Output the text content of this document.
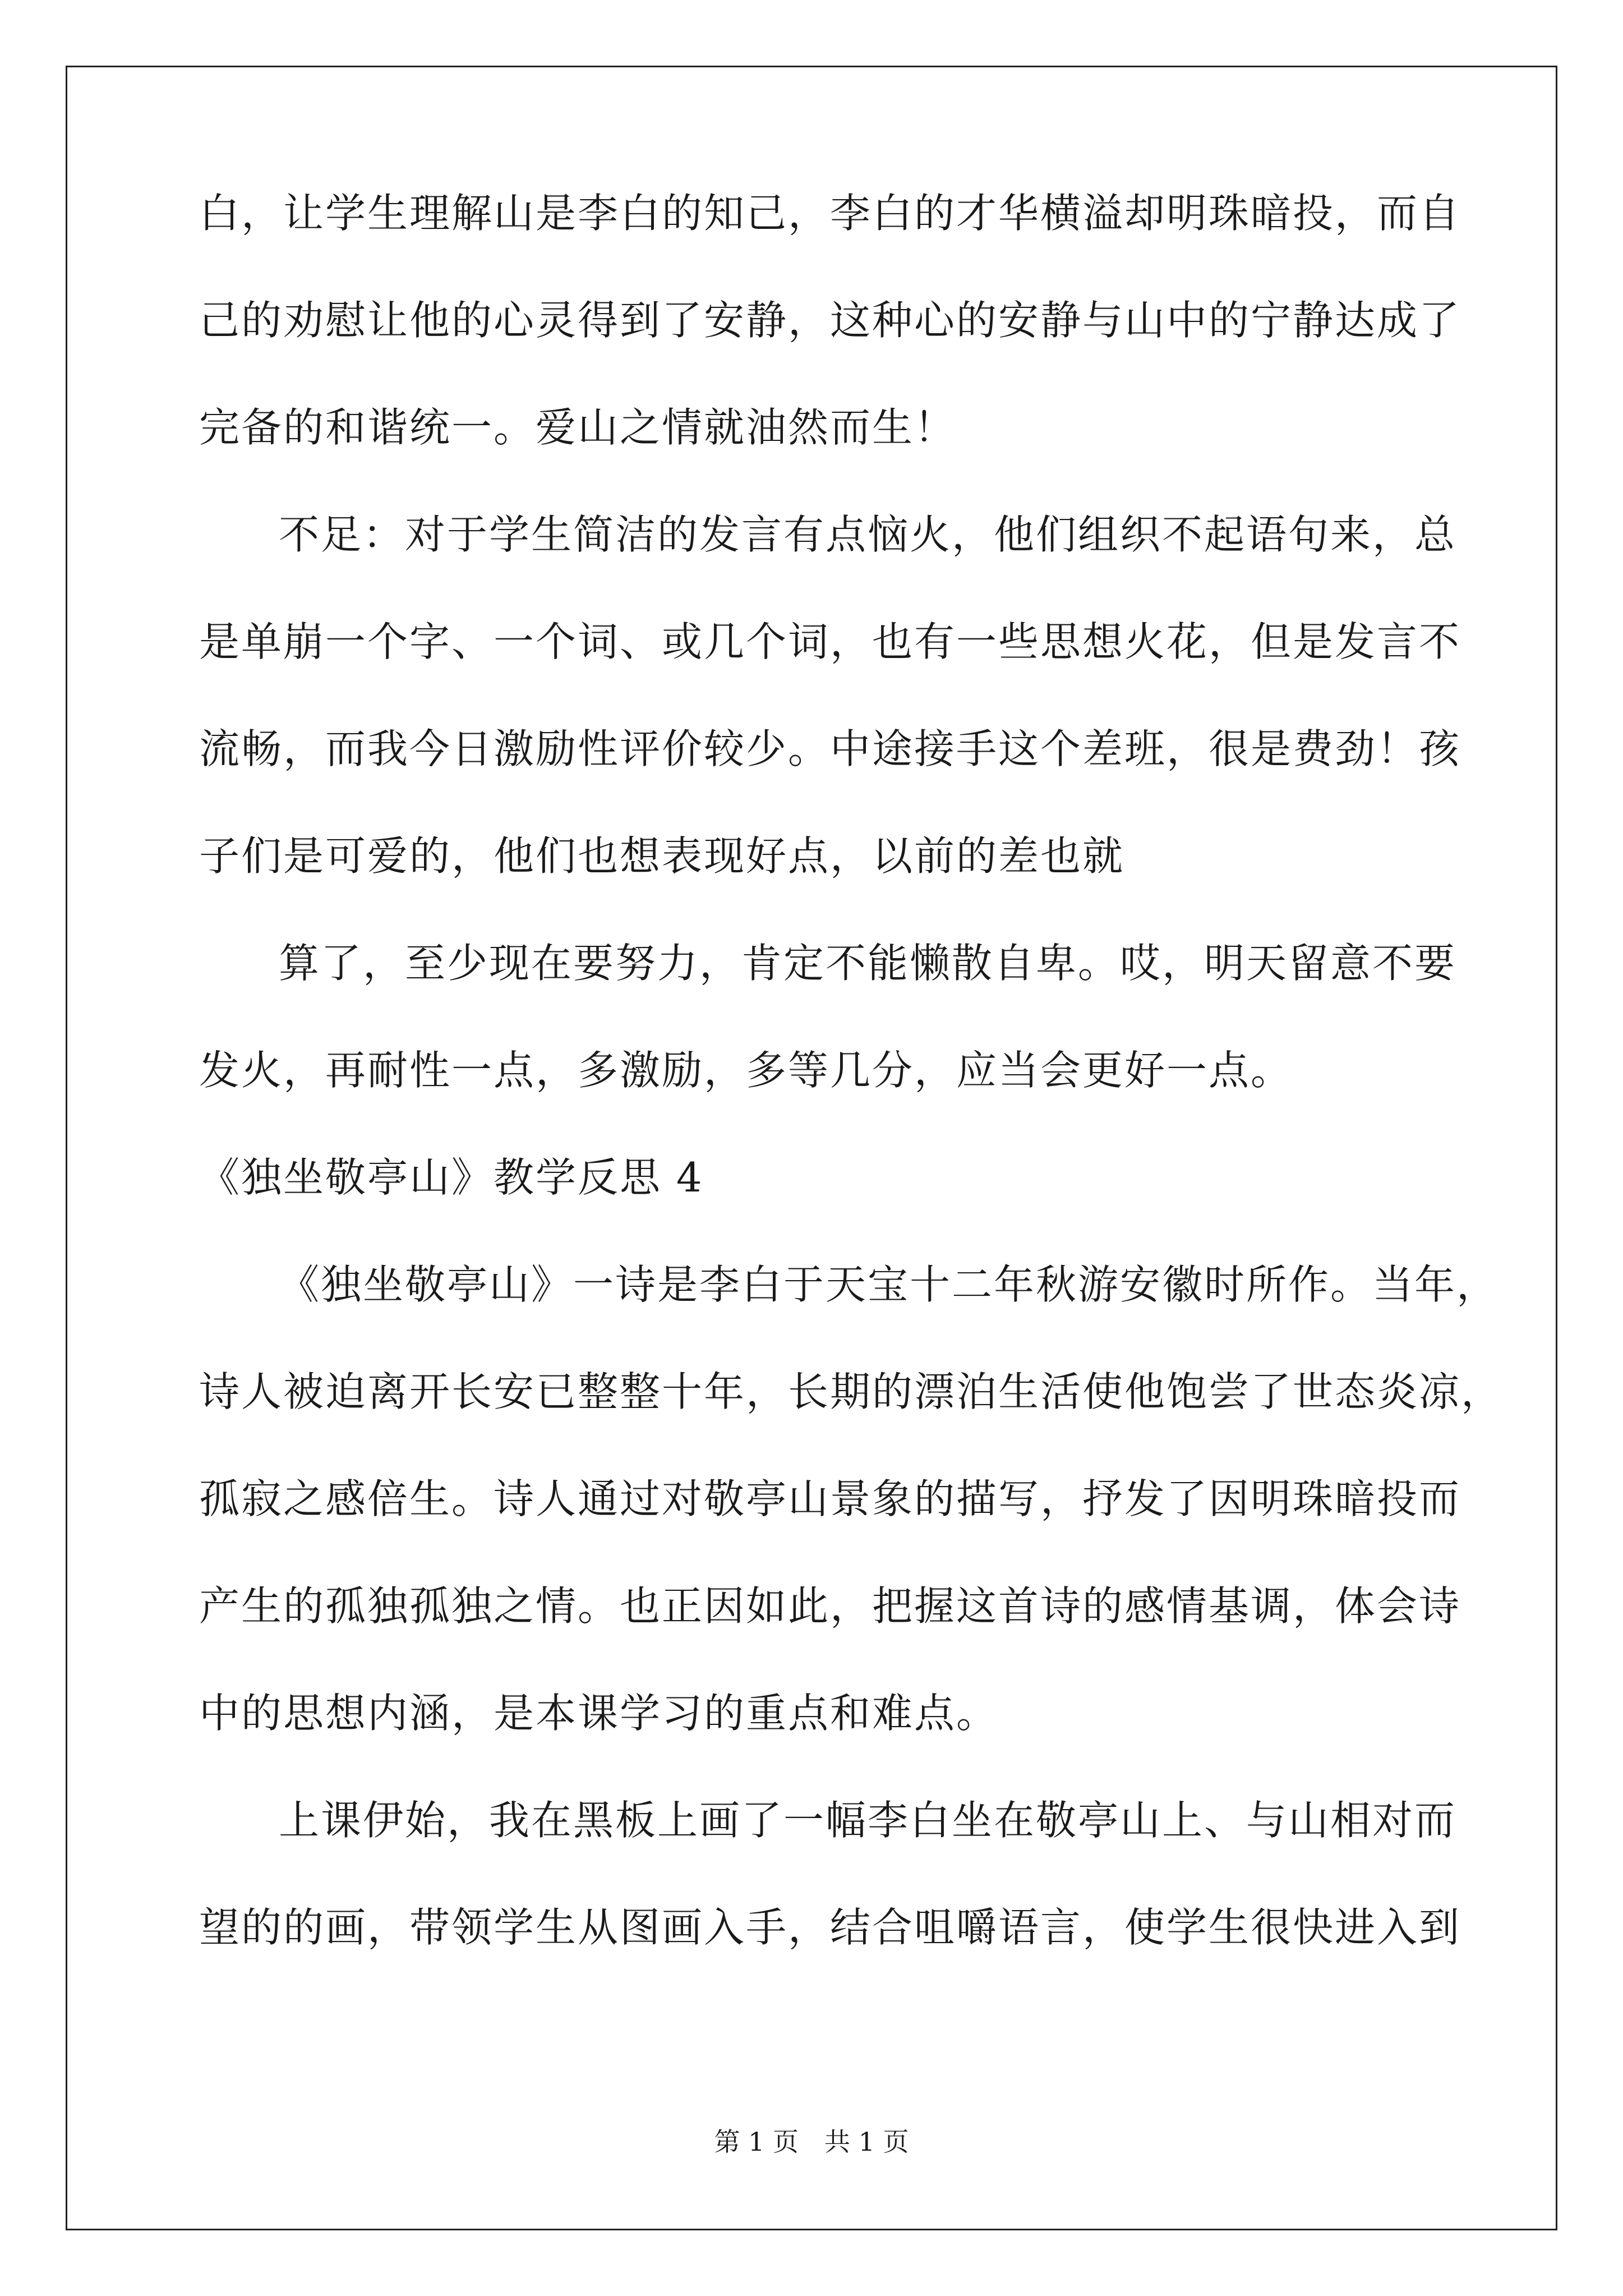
白，让学生理解山是李白的知己，李白的才华横溢却明珠暗投，而自
己的劝慰让他的心灵得到了安静，这种心的安静与山中的宁静达成了
完备的和谐统一。爱山之情就油然而生！
不足：对于学生简洁的发言有点恼火，他们组织不起语句来，总
是单崩一个字、一个词、或几个词，也有一些思想火花，但是发言不
流畅，而我今日激励性评价较少。中途接手这个差班，很是费劲！孩
子们是可爱的，他们也想表现好点，以前的差也就
算了，至少现在要努力，肯定不能懒散自卑。哎，明天留意不要
发火，再耐性一点，多激励，多等几分，应当会更好一点。
《独坐敬亭山》教学反思 4
《独坐敬亭山》一诗是李白于天宝十二年秋游安徽时所作。当年，
诗人被迫离开长安已整整十年，长期的漂泊生活使他饱尝了世态炎凉，
孤寂之感倍生。诗人通过对敬亭山景象的描写，抒发了因明珠暗投而
产生的孤独孤独之情。也正因如此，把握这首诗的感情基调，体会诗
中的思想内涵，是本课学习的重点和难点。
上课伊始，我在黑板上画了一幅李白坐在敬亭山上、与山相对而
望的的画，带领学生从图画入手，结合咀嚼语言，使学生很快进入到
第 1 页　共 1 页
